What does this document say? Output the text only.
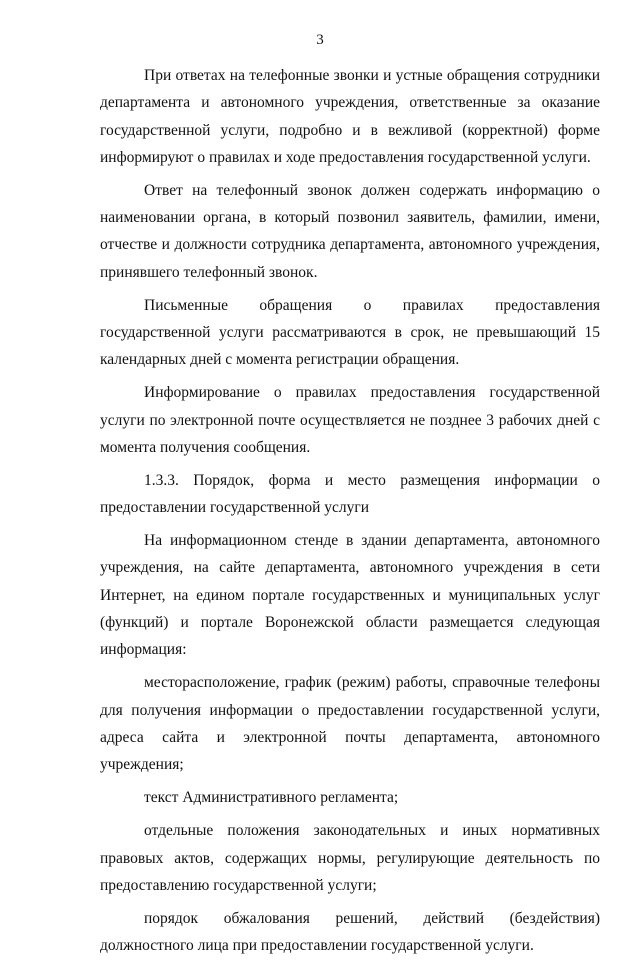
3

При ответах на телефонные звонки и устные обращения сотрудники департамента и автономного учреждения, ответственные за оказание государственной услуги, подробно и в вежливой (корректной) форме информируют о правилах и ходе предоставления государственной услуги.

Ответ на телефонный звонок должен содержать информацию о наименовании органа, в который позвонил заявитель, фамилии, имени, отчестве и должности сотрудника департамента, автономного учреждения, принявшего телефонный звонок.

Письменные обращения о правилах предоставления государственной услуги рассматриваются в срок, не превышающий 15 календарных дней с момента регистрации обращения.

Информирование о правилах предоставления государственной услуги по электронной почте осуществляется не позднее 3 рабочих дней с момента получения сообщения.

1.3.3. Порядок, форма и место размещения информации о предоставлении государственной услуги

На информационном стенде в здании департамента, автономного учреждения, на сайте департамента, автономного учреждения в сети Интернет, на едином портале государственных и муниципальных услуг (функций) и портале Воронежской области размещается следующая информация:

месторасположение, график (режим) работы, справочные телефоны для получения информации о предоставлении государственной услуги, адреса сайта и электронной почты департамента, автономного учреждения;

текст Административного регламента;

отдельные положения законодательных и иных нормативных правовых актов, содержащих нормы, регулирующие деятельность по предоставлению государственной услуги;

порядок обжалования решений, действий (бездействия) должностного лица при предоставлении государственной услуги.
